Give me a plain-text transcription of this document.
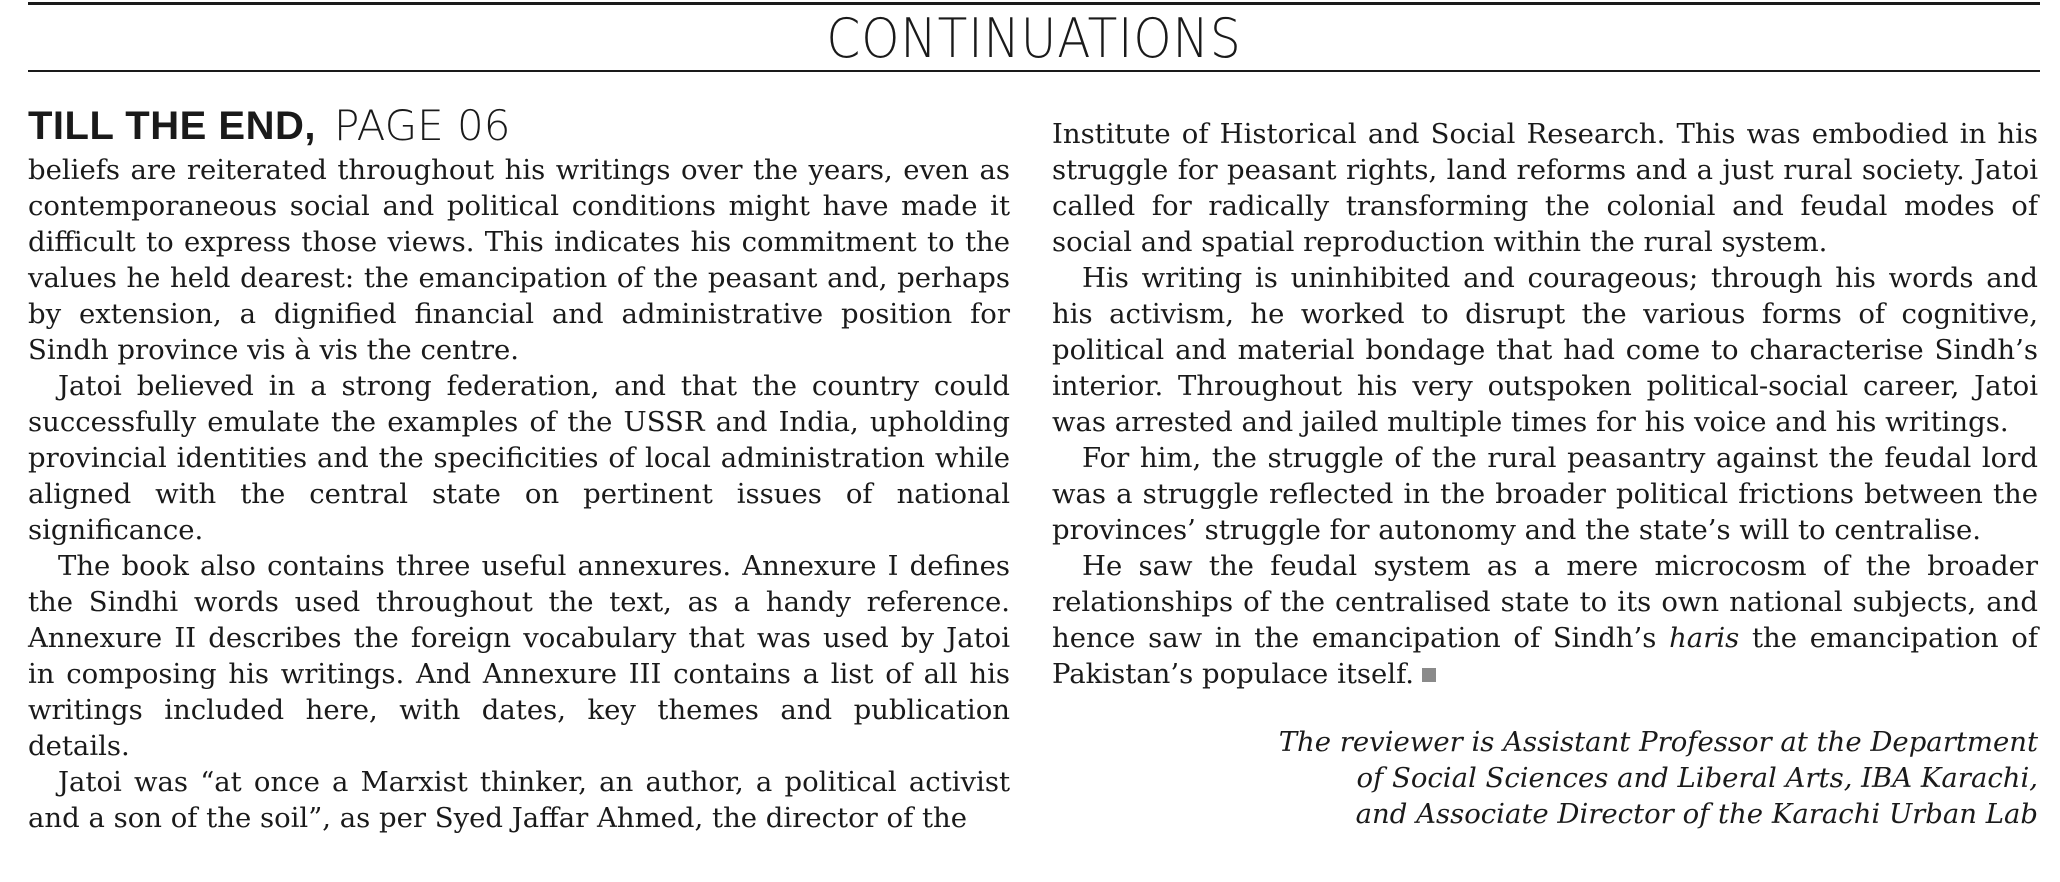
CONTINUATIONS
TILL THE END, PAGE 06

beliefs are reiterated throughout his writings over the years, even as contemporaneous social and political conditions might have made it difficult to express those views. This indicates his commitment to the values he held dearest: the emancipation of the peasant and, perhaps by extension, a dignified financial and administrative position for Sindh province vis à vis the centre.

Jatoi believed in a strong federation, and that the country could successfully emulate the examples of the USSR and India, upholding provincial identities and the specificities of local administration while aligned with the central state on pertinent issues of national significance.

The book also contains three useful annexures. Annexure I defines the Sindhi words used throughout the text, as a handy reference. Annexure II describes the foreign vocabulary that was used by Jatoi in composing his writings. And Annexure III contains a list of all his writings included here, with dates, key themes and publication details.

Jatoi was “at once a Marxist thinker, an author, a political activist and a son of the soil”, as per Syed Jaffar Ahmed, the director of the

Institute of Historical and Social Research. This was embodied in his struggle for peasant rights, land reforms and a just rural society. Jatoi called for radically transforming the colonial and feudal modes of social and spatial reproduction within the rural system.

His writing is uninhibited and courageous; through his words and his activism, he worked to disrupt the various forms of cognitive, political and material bondage that had come to characterise Sindh’s interior. Throughout his very outspoken political-social career, Jatoi was arrested and jailed multiple times for his voice and his writings.

For him, the struggle of the rural peasantry against the feudal lord was a struggle reflected in the broader political frictions between the provinces’ struggle for autonomy and the state’s will to centralise.

He saw the feudal system as a mere microcosm of the broader relationships of the centralised state to its own national subjects, and hence saw in the emancipation of Sindh’s haris the emancipation of Pakistan’s populace itself.

The reviewer is Assistant Professor at the Department
of Social Sciences and Liberal Arts, IBA Karachi,
and Associate Director of the Karachi Urban Lab
